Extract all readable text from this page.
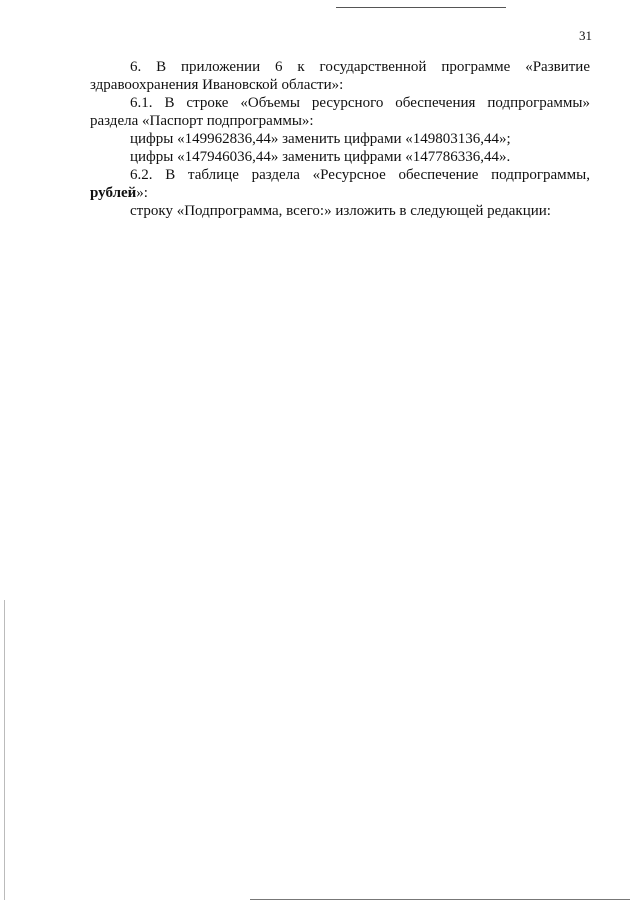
31

6. В приложении 6 к государственной программе «Развитие

здравоохранения Ивановской области»:

6.1. В строке «Объемы ресурсного обеспечения подпрограммы»

раздела «Паспорт подпрограммы»:

цифры «149962836,44» заменить цифрами «149803136,44»;

цифры «147946036,44» заменить цифрами «147786336,44».

6.2. В таблице раздела «Ресурсное обеспечение подпрограммы,

рублей»:

строку «Подпрограмма, всего:» изложить в следующей редакции:
